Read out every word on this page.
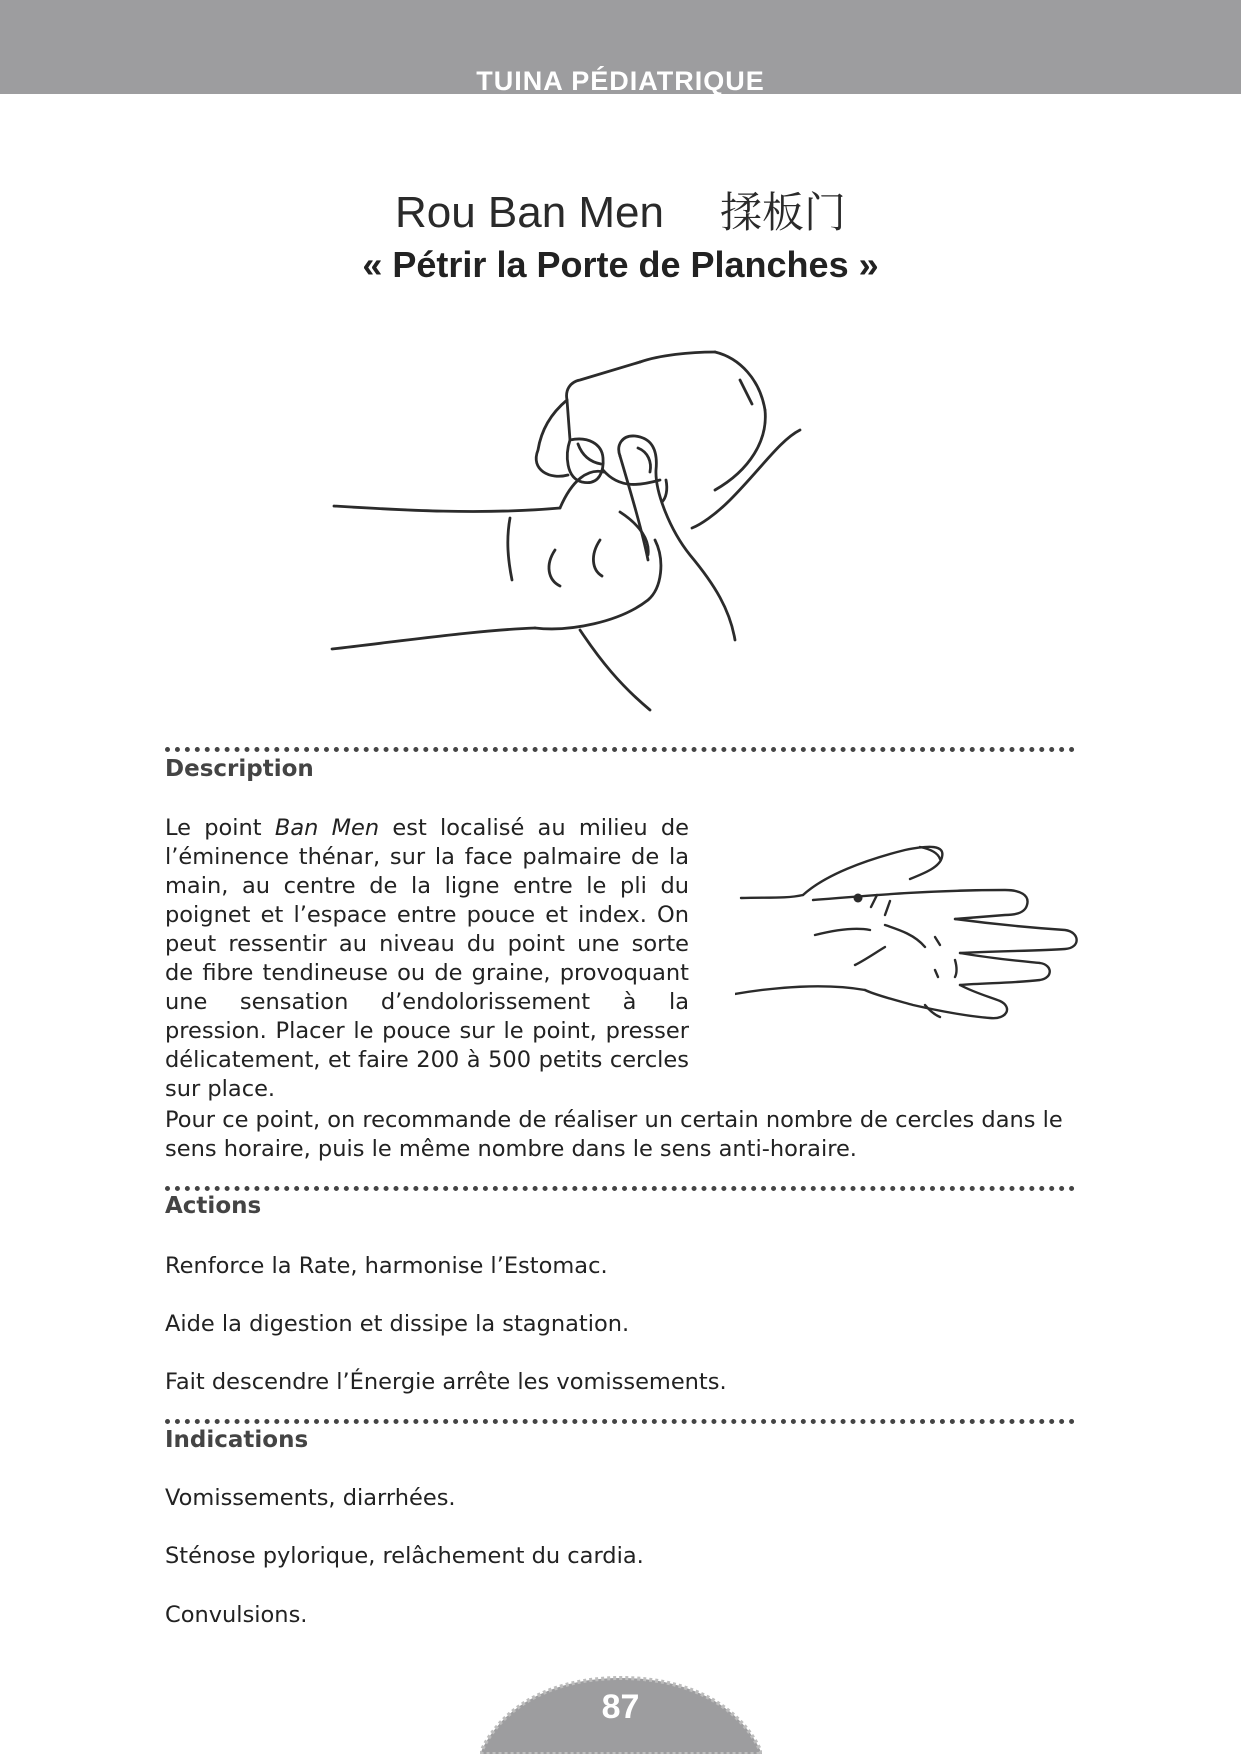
TUINA PÉDIATRIQUE
Rou Ban Men 揉板门
« Pétrir la Porte de Planches »
Description
Le point Ban Men est localisé au milieu de l’éminence thénar, sur la face palmaire de la main, au centre de la ligne entre le pli du poignet et l’espace entre pouce et index. On peut ressentir au niveau du point une sorte de fibre tendineuse ou de graine, provoquant une sensation d’endolorissement à la pression. Placer le pouce sur le point, presser délicatement, et faire 200 à 500 petits cercles sur place.
Pour ce point, on recommande de réaliser un certain nombre de cercles dans le sens horaire, puis le même nombre dans le sens anti-horaire.
Actions
Renforce la Rate, harmonise l’Estomac.
Aide la digestion et dissipe la stagnation.
Fait descendre l’Énergie arrête les vomissements.
Indications
Vomissements, diarrhées.
Sténose pylorique, relâchement du cardia.
Convulsions.
87
